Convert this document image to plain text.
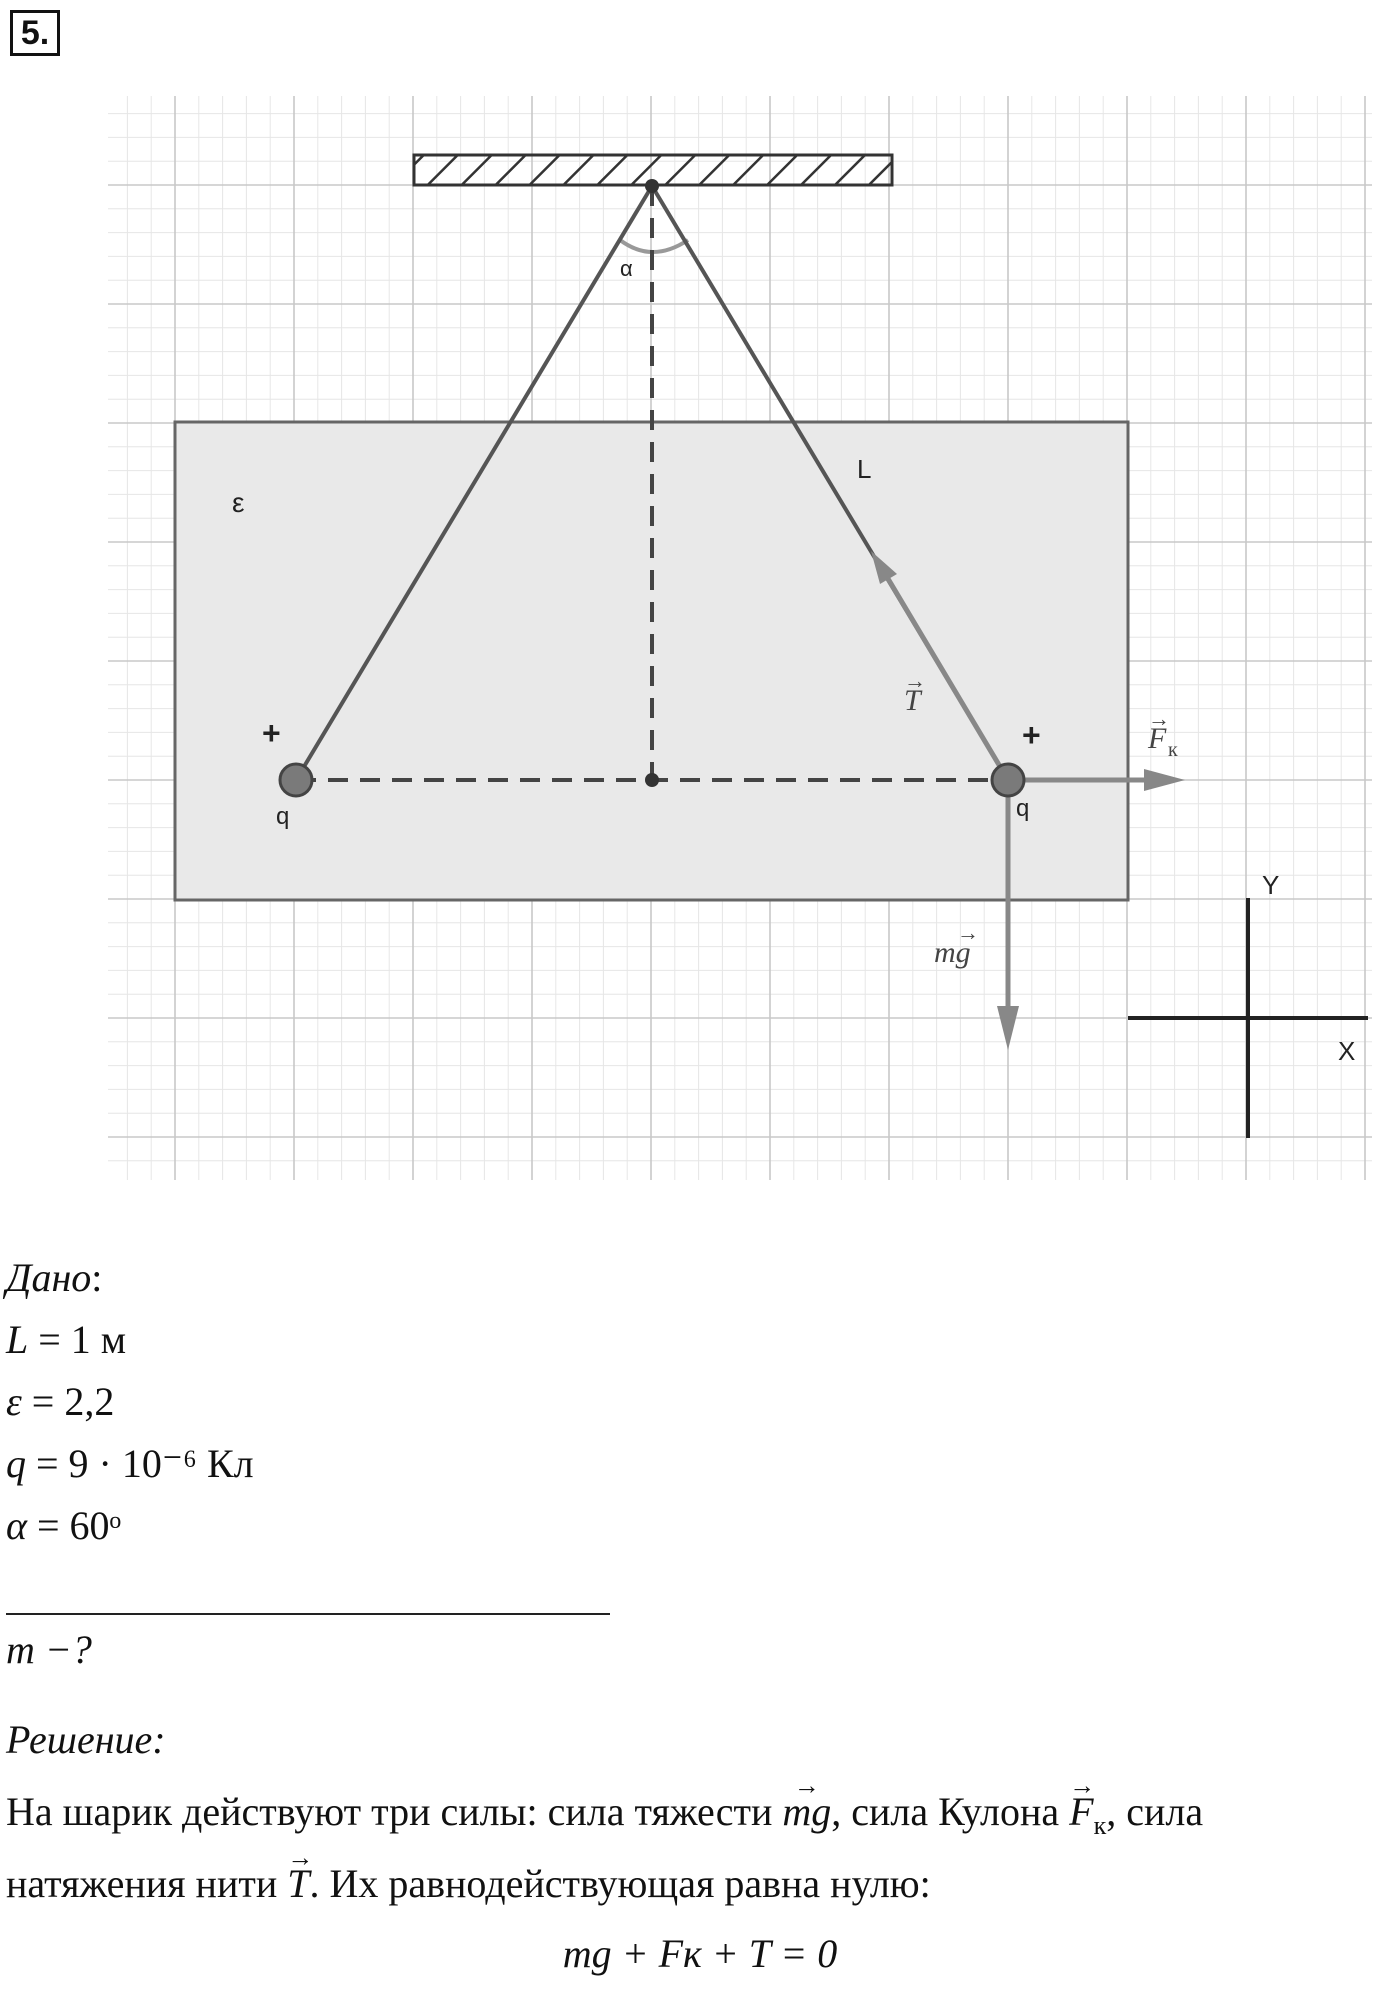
5.
α
L
ε
q	q
+	+
Y
X
T
→
F к
→
mg
→
Дано:
L = 1 м
ε = 2,2
q = 9 · 10⁻⁶ Кл
α = 60ᵒ
m −?
Решение:
На шарик действуют три силы: сила тяжести → mg, сила Кулона → $F_к$, сила
натяжения нити → T. Их равнодействующая равна нулю:
mg + Fк + T = 0
